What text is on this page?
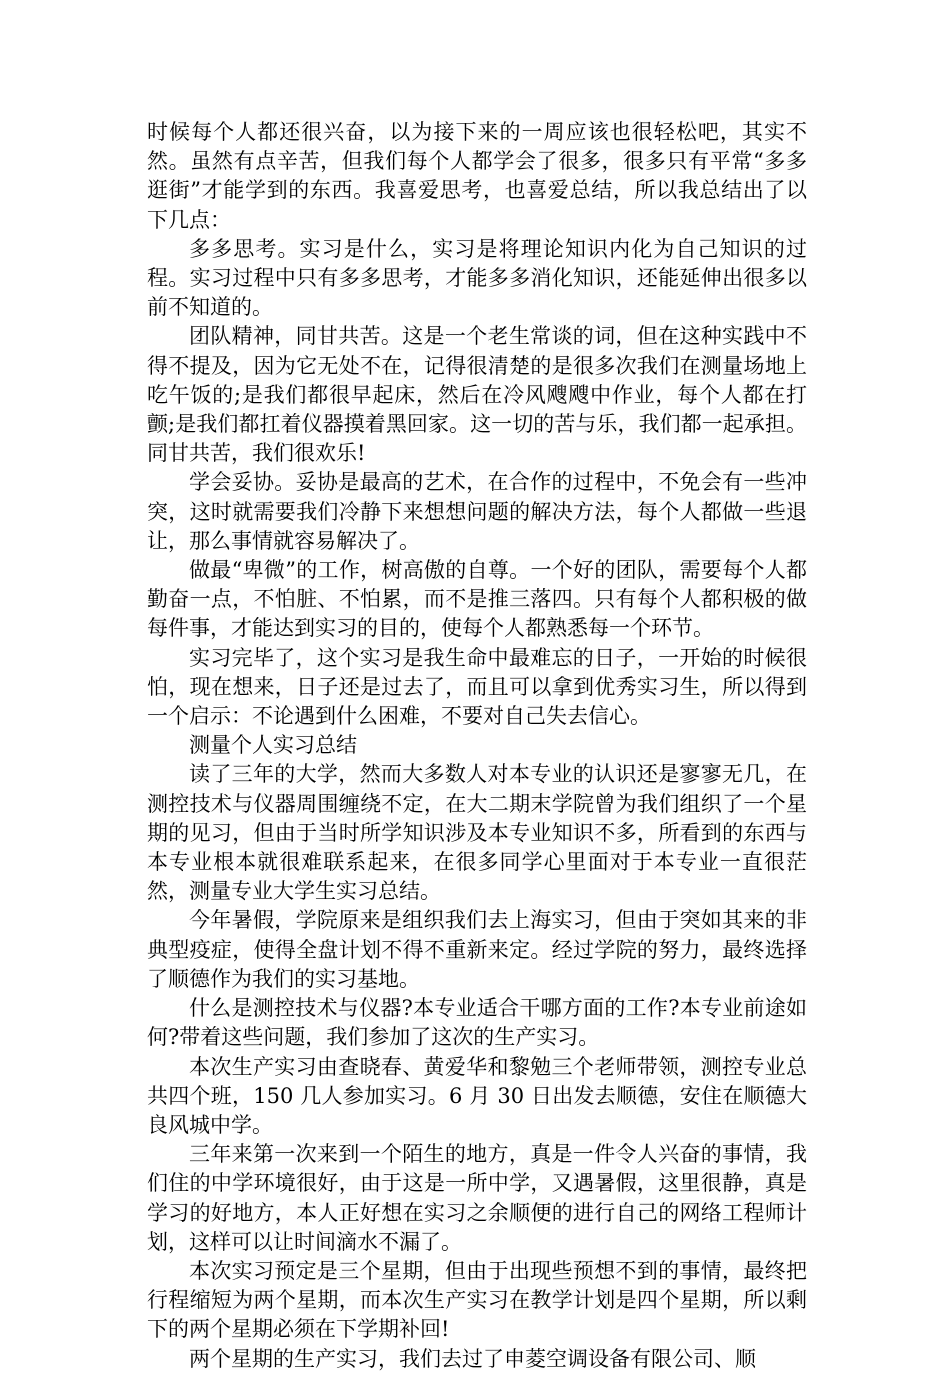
时候每个人都还很兴奋，以为接下来的一周应该也很轻松吧，其实不然。虽然有点辛苦，但我们每个人都学会了很多，很多只有平常“多多逛街”才能学到的东西。我喜爱思考，也喜爱总结，所以我总结出了以下几点：

多多思考。实习是什么，实习是将理论知识内化为自己知识的过程。实习过程中只有多多思考，才能多多消化知识，还能延伸出很多以前不知道的。

团队精神，同甘共苦。这是一个老生常谈的词，但在这种实践中不得不提及，因为它无处不在，记得很清楚的是很多次我们在测量场地上吃午饭的;是我们都很早起床，然后在冷风飕飕中作业，每个人都在打颤;是我们都扛着仪器摸着黑回家。这一切的苦与乐，我们都一起承担。同甘共苦，我们很欢乐!

学会妥协。妥协是最高的艺术，在合作的过程中，不免会有一些冲突，这时就需要我们冷静下来想想问题的解决方法，每个人都做一些退让，那么事情就容易解决了。

做最“卑微”的工作，树高傲的自尊。一个好的团队，需要每个人都勤奋一点，不怕脏、不怕累，而不是推三落四。只有每个人都积极的做每件事，才能达到实习的目的，使每个人都熟悉每一个环节。

实习完毕了，这个实习是我生命中最难忘的日子，一开始的时候很怕，现在想来，日子还是过去了，而且可以拿到优秀实习生，所以得到一个启示：不论遇到什么困难，不要对自己失去信心。

测量个人实习总结

读了三年的大学，然而大多数人对本专业的认识还是寥寥无几，在测控技术与仪器周围缠绕不定，在大二期末学院曾为我们组织了一个星期的见习，但由于当时所学知识涉及本专业知识不多，所看到的东西与本专业根本就很难联系起来，在很多同学心里面对于本专业一直很茫然，测量专业大学生实习总结。

今年暑假，学院原来是组织我们去上海实习，但由于突如其来的非典型疫症，使得全盘计划不得不重新来定。经过学院的努力，最终选择了顺德作为我们的实习基地。

什么是测控技术与仪器?本专业适合干哪方面的工作?本专业前途如何?带着这些问题，我们参加了这次的生产实习。

本次生产实习由查晓春、黄爱华和黎勉三个老师带领，测控专业总共四个班，150 几人参加实习。6 月 30 日出发去顺德，安住在顺德大良风城中学。

三年来第一次来到一个陌生的地方，真是一件令人兴奋的事情，我们住的中学环境很好，由于这是一所中学，又遇暑假，这里很静，真是学习的好地方，本人正好想在实习之余顺便的进行自己的网络工程师计划，这样可以让时间滴水不漏了。

本次实习预定是三个星期，但由于出现些预想不到的事情，最终把行程缩短为两个星期，而本次生产实习在教学计划是四个星期，所以剩下的两个星期必须在下学期补回!

两个星期的生产实习，我们去过了申菱空调设备有限公司、顺
